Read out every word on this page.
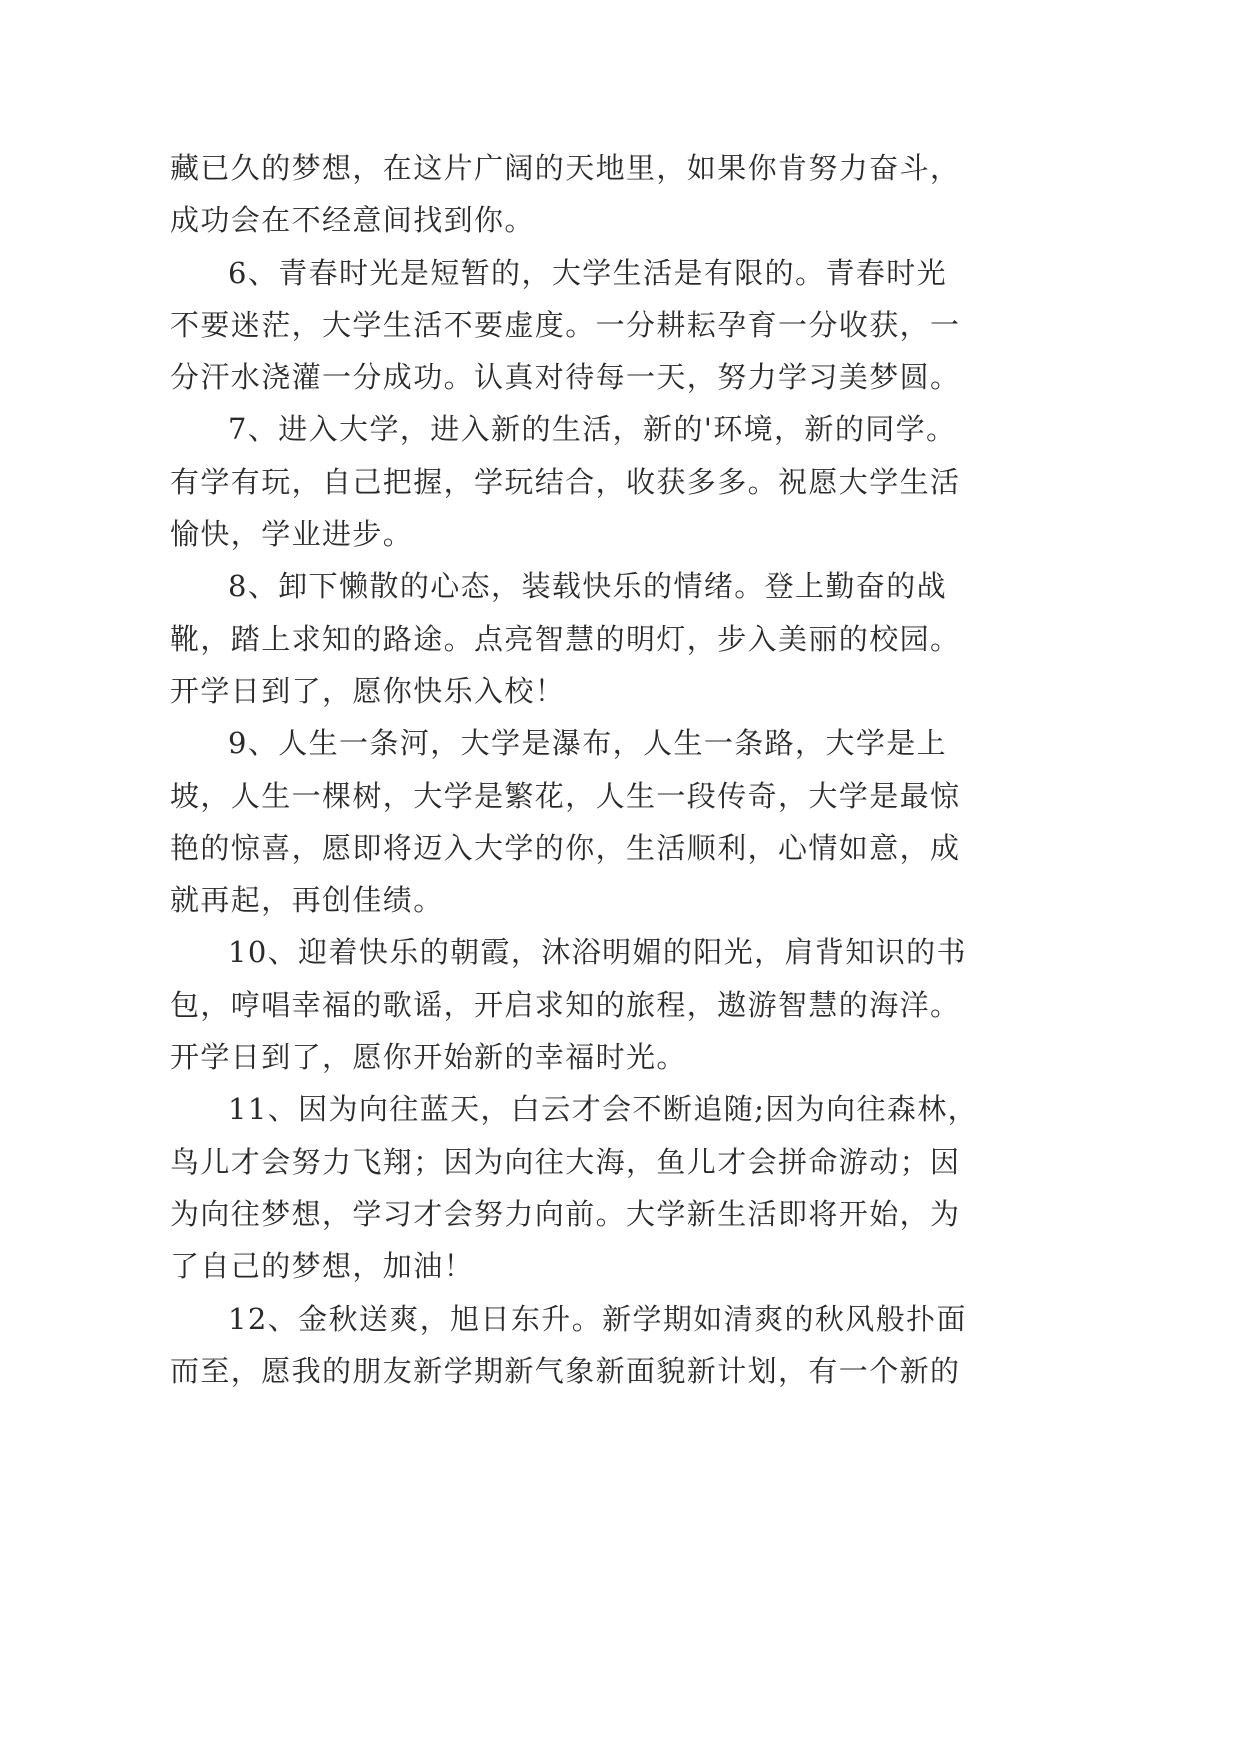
藏已久的梦想，在这片广阔的天地里，如果你肯努力奋斗，
成功会在不经意间找到你。
6、青春时光是短暂的，大学生活是有限的。青春时光
不要迷茫，大学生活不要虚度。一分耕耘孕育一分收获，一
分汗水浇灌一分成功。认真对待每一天，努力学习美梦圆。
7、进入大学，进入新的生活，新的'环境，新的同学。
有学有玩，自己把握，学玩结合，收获多多。祝愿大学生活
愉快，学业进步。
8、卸下懒散的心态，装载快乐的情绪。登上勤奋的战
靴，踏上求知的路途。点亮智慧的明灯，步入美丽的校园。
开学日到了，愿你快乐入校！
9、人生一条河，大学是瀑布，人生一条路，大学是上
坡，人生一棵树，大学是繁花，人生一段传奇，大学是最惊
艳的惊喜，愿即将迈入大学的你，生活顺利，心情如意，成
就再起，再创佳绩。
10、迎着快乐的朝霞，沐浴明媚的阳光，肩背知识的书
包，哼唱幸福的歌谣，开启求知的旅程，遨游智慧的海洋。
开学日到了，愿你开始新的幸福时光。
11、因为向往蓝天，白云才会不断追随;因为向往森林，
鸟儿才会努力飞翔；因为向往大海，鱼儿才会拼命游动；因
为向往梦想，学习才会努力向前。大学新生活即将开始，为
了自己的梦想，加油！
12、金秋送爽，旭日东升。新学期如清爽的秋风般扑面
而至，愿我的朋友新学期新气象新面貌新计划，有一个新的
